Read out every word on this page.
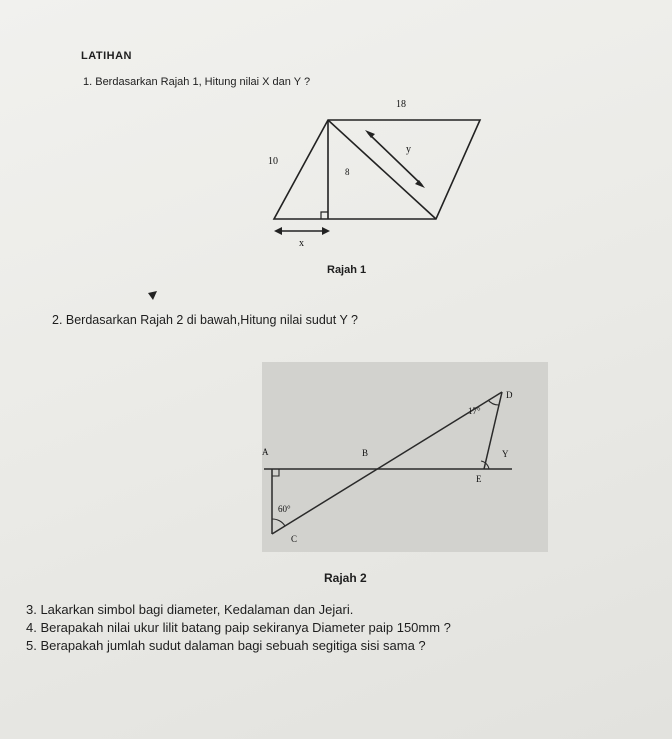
LATIHAN
1. Berdasarkan Rajah 1, Hitung nilai X dan Y ?
18
10
8
y
x
Rajah 1
2. Berdasarkan Rajah 2 di bawah,Hitung nilai sudut Y ?
D
17°
A	B	Y
E
60°
C
Rajah 2
3. Lakarkan simbol bagi diameter, Kedalaman dan Jejari.
4. Berapakah nilai ukur lilit batang paip sekiranya Diameter paip 150mm ?
5. Berapakah jumlah sudut dalaman bagi sebuah segitiga sisi sama ?
